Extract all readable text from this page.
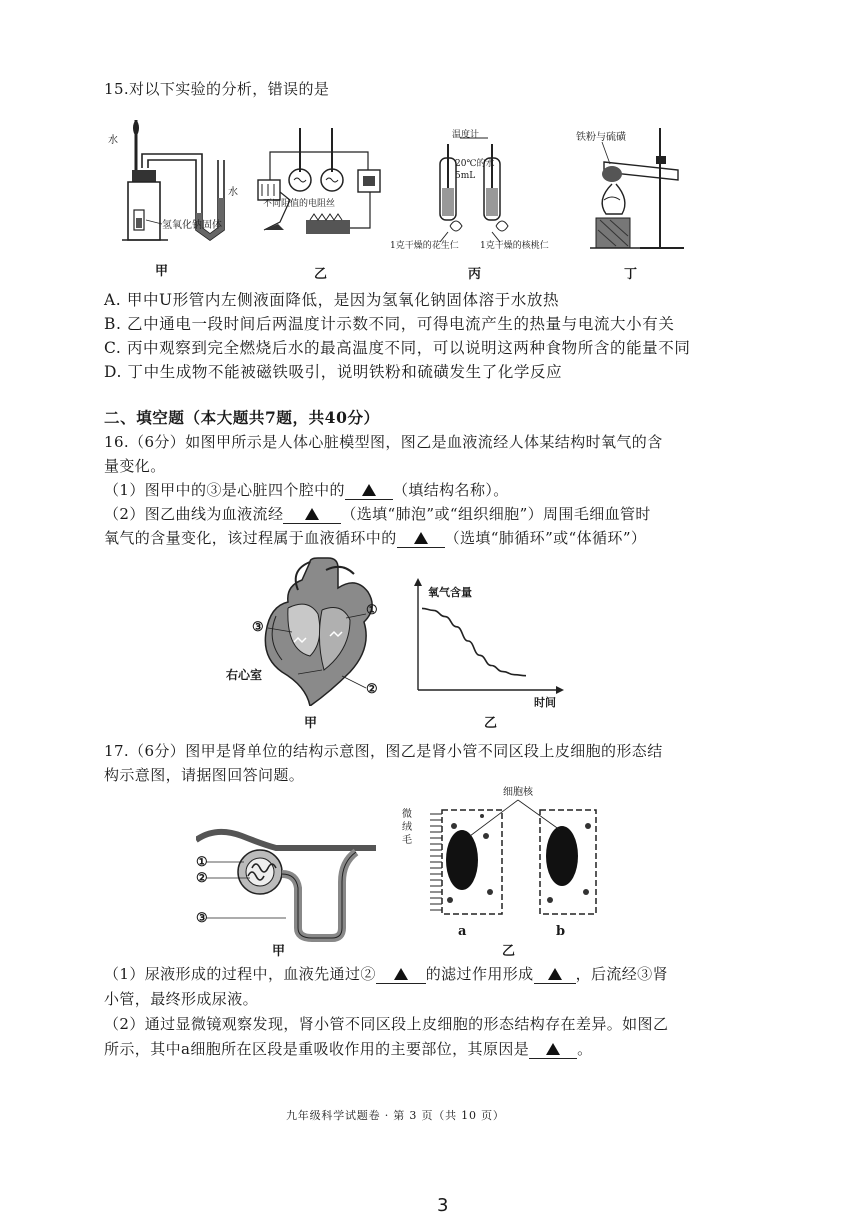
15.对以下实验的分析，错误的是
水
水
氢氧化钠固体
甲
不同阻值的电阻丝
乙
温度计
20℃的水5mL
1克干燥的花生仁 1克干燥的核桃仁
丙
铁粉与硫磺
丁
A. 甲中U形管内左侧液面降低，是因为氢氧化钠固体溶于水放热
B. 乙中通电一段时间后两温度计示数不同，可得电流产生的热量与电流大小有关
C. 丙中观察到完全燃烧后水的最高温度不同，可以说明这两种食物所含的能量不同
D. 丁中生成物不能被磁铁吸引，说明铁粉和硫磺发生了化学反应
二、填空题（本大题共7题，共40分）
16.（6分）如图甲所示是人体心脏模型图，图乙是血液流经人体某结构时氧气的含
量变化。
（1）图甲中的③是心脏四个腔中的	（填结构名称）。
（2）图乙曲线为血液流经	（选填“肺泡”或“组织细胞”）周围毛细血管时
氧气的含量变化，该过程属于血液循环中的	（选填“肺循环”或“体循环”）
①
③
②
右心室
甲
氧气含量
时间
乙
17.（6分）图甲是肾单位的结构示意图，图乙是肾小管不同区段上皮细胞的形态结
构示意图，请据图回答问题。
①
②
③
甲
细胞核
微绒毛
a	b
乙
（1）尿液形成的过程中，血液先通过②	的滤过作用形成	，后流经③肾
小管，最终形成尿液。
（2）通过显微镜观察发现，肾小管不同区段上皮细胞的形态结构存在差异。如图乙
所示，其中a细胞所在区段是重吸收作用的主要部位，其原因是	。
九年级科学试题卷 · 第 3 页（共 10 页）
3
